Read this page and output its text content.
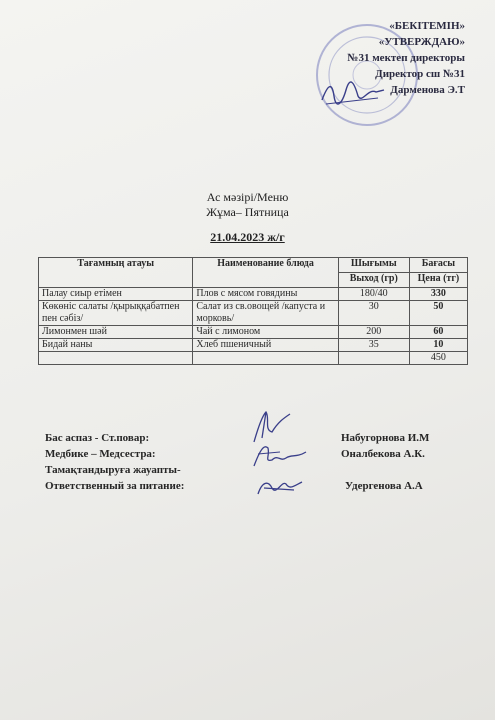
«БЕКІТЕМІН»
«УТВЕРЖДАЮ»
№31 мектеп директоры
Директор сш №31
Дарменова Э.Т
Ас мәзірі/Меню
Жұма– Пятница
21.04.2023 ж/г
Тағамның атауы	Наименование блюда	Шығымы	Бағасы
		Выход (гр)	Цена (тг)
Палау сиыр етімен	Плов с мясом говядины	180/40	330
Көкөніс салаты /қырыққабатпен пен сәбіз/	Салат из св.овощей /капуста и морковь/	30	50
Лимонмен шәй	Чай с лимоном	200	60
Бидай наны	Хлеб пшеничный	35	10
			450
Бас аспаз - Ст.повар:	Набугорнова И.М
Медбике – Медсестра:	Оналбекова А.К.
Тамақтандыруға жауапты-
Ответственный за питание:	Удергенова А.А
